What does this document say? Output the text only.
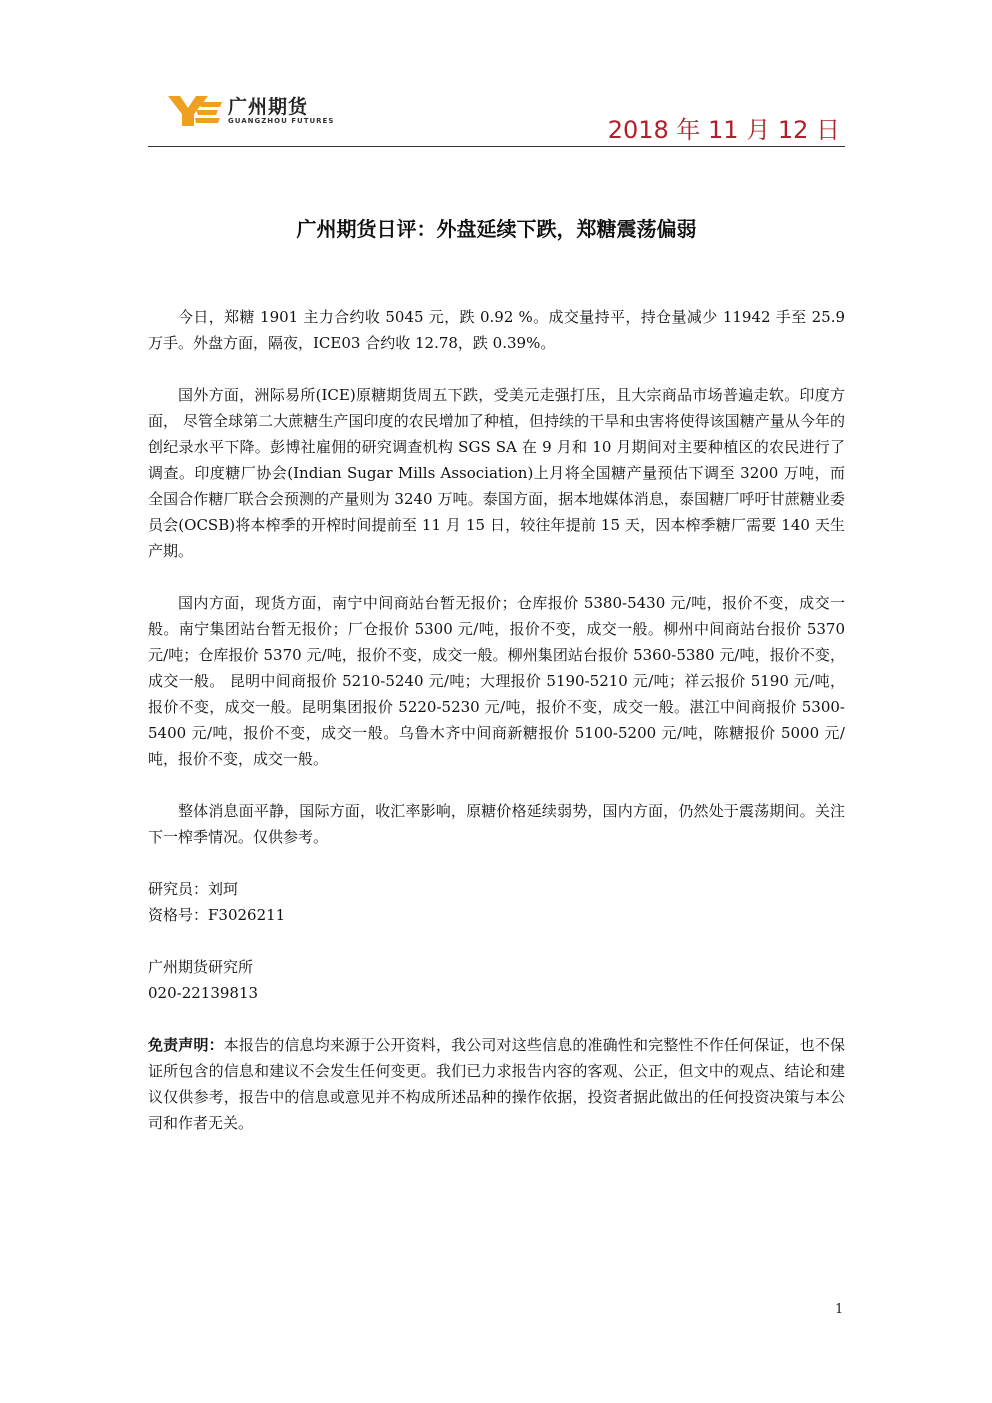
广州期货
GUANGZHOU FUTURES	2018 年 11 月 12 日
广州期货日评：外盘延续下跌，郑糖震荡偏弱

今日，郑糖 1901 主力合约收 5045 元，跌 0.92 %。成交量持平，持仓量减少 11942 手至 25.9 万手。外盘方面，隔夜，ICE03 合约收 12.78，跌 0.39%。

国外方面，洲际易所(ICE)原糖期货周五下跌，受美元走强打压，且大宗商品市场普遍走软。印度方面， 尽管全球第二大蔗糖生产国印度的农民增加了种植，但持续的干旱和虫害将使得该国糖产量从今年的创纪录水平下降。彭博社雇佣的研究调查机构 SGS SA 在 9 月和 10 月期间对主要种植区的农民进行了调查。印度糖厂协会(Indian Sugar Mills Association)上月将全国糖产量预估下调至 3200 万吨，而全国合作糖厂联合会预测的产量则为 3240 万吨。泰国方面，据本地媒体消息，泰国糖厂呼吁甘蔗糖业委员会(OCSB)将本榨季的开榨时间提前至 11 月 15 日，较往年提前 15 天，因本榨季糖厂需要 140 天生产期。

国内方面，现货方面，南宁中间商站台暂无报价；仓库报价 5380-5430 元/吨，报价不变，成交一般。南宁集团站台暂无报价；厂仓报价 5300 元/吨，报价不变，成交一般。柳州中间商站台报价 5370 元/吨；仓库报价 5370 元/吨，报价不变，成交一般。柳州集团站台报价 5360-5380 元/吨，报价不变，成交一般。 昆明中间商报价 5210-5240 元/吨；大理报价 5190-5210 元/吨；祥云报价 5190 元/吨，报价不变，成交一般。昆明集团报价 5220-5230 元/吨，报价不变，成交一般。湛江中间商报价 5300-5400 元/吨，报价不变，成交一般。乌鲁木齐中间商新糖报价 5100-5200 元/吨，陈糖报价 5000 元/吨，报价不变，成交一般。

整体消息面平静，国际方面，收汇率影响，原糖价格延续弱势，国内方面，仍然处于震荡期间。关注下一榨季情况。仅供参考。

研究员：刘珂

资格号：F3026211

广州期货研究所

020-22139813

免责声明：本报告的信息均来源于公开资料，我公司对这些信息的准确性和完整性不作任何保证，也不保证所包含的信息和建议不会发生任何变更。我们已力求报告内容的客观、公正，但文中的观点、结论和建议仅供参考，报告中的信息或意见并不构成所述品种的操作依据，投资者据此做出的任何投资决策与本公司和作者无关。

1
